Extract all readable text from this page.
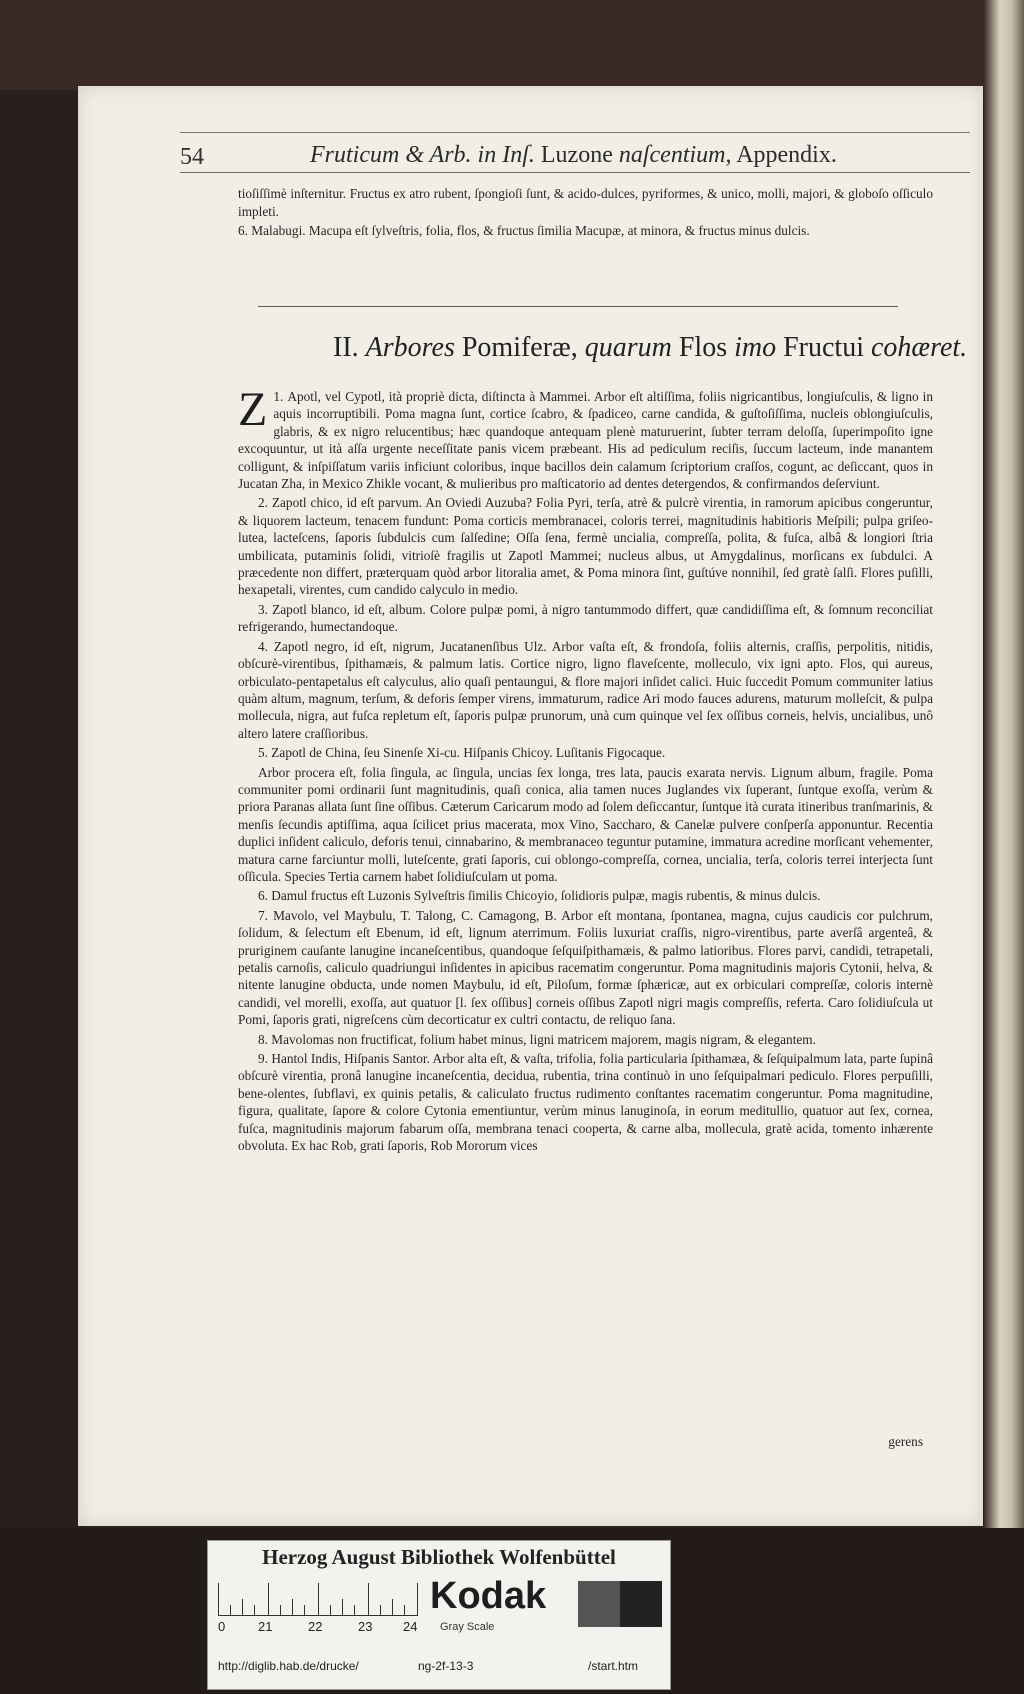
54	Fruticum & Arb. in Inſ. Luzone naſcentium, Appendix.

tioſiſſimè inſternitur. Fructus ex atro rubent, ſpongioſi ſunt, & acido-dulces, pyriformes, & unico, molli, majori, & globoſo oſſiculo impleti.

6. Malabugi. Macupa eſt ſylveſtris, folia, flos, & fructus ſimilia Macupæ, at minora, & fructus minus dulcis.

II. Arbores Pomiferæ, quarum Flos imo Fructui cohæret.

1.
Z Apotl, vel Cypotl, ità propriè dicta, diſtincta à Mammei. Arbor eſt altiſſima, foliis nigricantibus, longiuſculis, & ligno in aquis incorruptibili. Poma magna ſunt, cortice ſcabro, & ſpadiceo, carne candida, & guſtoſiſſima, nucleis oblongiuſculis, glabris, & ex nigro relucentibus; hæc quandoque antequam plenè maturuerint, ſubter terram deloſſa, ſuperimpoſito igne excoquuntur, ut ità aſſa urgente neceſſitate panis vicem præbeant. His ad pediculum reciſis, ſuccum lacteum, inde manantem colligunt, & inſpiſſatum variis inficiunt coloribus, inque bacillos dein calamum ſcriptorium craſſos, cogunt, ac deſiccant, quos in Jucatan Zha, in Mexico Zhikle vocant, & mulieribus pro maſticatorio ad dentes detergendos, & confirmandos deſerviunt.

2. Zapotl chico, id eſt parvum. An Oviedi Auzuba? Folia Pyri, terſa, atrè & pulcrè virentia, in ramorum apicibus congeruntur, & liquorem lacteum, tenacem fundunt: Poma corticis membranacei, coloris terrei, magnitudinis habitioris Meſpili; pulpa griſeo-lutea, lacteſcens, ſaporis ſubdulcis cum ſalſedine; Oſſa ſena, fermè uncialia, compreſſa, polita, & fuſca, albâ & longiori ſtria umbilicata, putaminis ſolidi, vitrioſè fragilis ut Zapotl Mammei; nucleus albus, ut Amygdalinus, morſicans ex ſubdulci. A præcedente non differt, præterquam quòd arbor litoralia amet, & Poma minora ſint, guſtúve nonnihil, ſed gratè ſalſi. Flores puſilli, hexapetali, virentes, cum candido calyculo in medio.

3. Zapotl blanco, id eſt, album. Colore pulpæ pomi, à nigro tantummodo differt, quæ candidiſſima eſt, & ſomnum reconciliat refrigerando, humectandoque.

4. Zapotl negro, id eſt, nigrum, Jucatanenſibus Ulz. Arbor vaſta eſt, & frondoſa, foliis alternis, craſſis, perpolitis, nitidis, obſcurè-virentibus, ſpithamæis, & palmum latis. Cortice nigro, ligno flaveſcente, molleculo, vix igni apto. Flos, qui aureus, orbiculato-pentapetalus eſt calyculus, alio quaſi pentaungui, & flore majori inſidet calici. Huic ſuccedit Pomum communiter latius quàm altum, magnum, terſum, & deforis ſemper virens, immaturum, radice Ari modo fauces adurens, maturum molleſcit, & pulpa mollecula, nigra, aut fuſca repletum eſt, ſaporis pulpæ prunorum, unà cum quinque vel ſex oſſibus corneis, helvis, uncialibus, unô altero latere craſſioribus.

5. Zapotl de China, ſeu Sinenſe Xi-cu. Hiſpanis Chicoy. Luſitanis Figocaque.

Arbor procera eſt, folia ſingula, ac ſingula, uncias ſex longa, tres lata, paucis exarata nervis. Lignum album, fragile. Poma communiter pomi ordinarii ſunt magnitudinis, quaſi conica, alia tamen nuces Juglandes vix ſuperant, ſuntque exoſſa, verùm & priora Paranas allata ſunt ſine oſſibus. Cæterum Caricarum modo ad ſolem deſiccantur, ſuntque ità curata itineribus tranſmarinis, & menſis ſecundis aptiſſima, aqua ſcilicet prius macerata, mox Vino, Saccharo, & Canelæ pulvere conſperſa apponuntur. Recentia duplici inſident caliculo, deforis tenui, cinnabarino, & membranaceo teguntur putamine, immatura acredine morſicant vehementer, matura carne farciuntur molli, luteſcente, grati ſaporis, cui oblongo-compreſſa, cornea, uncialia, terſa, coloris terrei interjecta ſunt oſſicula. Species Tertia carnem habet ſolidiuſculam ut poma.

6. Damul fructus eſt Luzonis Sylveſtris ſimilis Chicoyio, ſolidioris pulpæ, magis rubentis, & minus dulcis.

7. Mavolo, vel Maybulu, T. Talong, C. Camagong, B. Arbor eſt montana, ſpontanea, magna, cujus caudicis cor pulchrum, ſolidum, & ſelectum eſt Ebenum, id eſt, lignum aterrimum. Foliis luxuriat craſſis, nigro-virentibus, parte averſâ argenteâ, & pruriginem cauſante lanugine incaneſcentibus, quandoque ſeſquiſpithamæis, & palmo latioribus. Flores parvi, candidi, tetrapetali, petalis carnoſis, caliculo quadriungui inſidentes in apicibus racematim congeruntur. Poma magnitudinis majoris Cytonii, helva, & nitente lanugine obducta, unde nomen Maybulu, id eſt, Piloſum, formæ ſphæricæ, aut ex orbiculari compreſſæ, coloris internè candidi, vel morelli, exoſſa, aut quatuor [l. ſex oſſibus] corneis oſſibus Zapotl nigri magis compreſſis, referta. Caro ſolidiuſcula ut Pomi, ſaporis grati, nigreſcens cùm decorticatur ex cultri contactu, de reliquo ſana.

8. Mavolomas non fructificat, folium habet minus, ligni matricem majorem, magis nigram, & elegantem.

9. Hantol Indis, Hiſpanis Santor. Arbor alta eſt, & vaſta, trifolia, folia particularia ſpithamæa, & ſeſquipalmum lata, parte ſupinâ obſcurè virentia, pronâ lanugine incaneſcentia, decidua, rubentia, trina continuò in uno ſeſquipalmari pediculo. Flores perpuſilli, bene-olentes, ſubflavi, ex quinis petalis, & caliculato fructus rudimento conſtantes racematim congeruntur. Poma magnitudine, figura, qualitate, ſapore & colore Cytonia ementiuntur, verùm minus lanuginoſa, in eorum meditullio, quatuor aut ſex, cornea, fuſca, magnitudinis majorum fabarum oſſa, membrana tenaci cooperta, & carne alba, mollecula, gratè acida, tomento inhærente obvoluta. Ex hac Rob, grati ſaporis, Rob Mororum vices

gerens
Herzog August Bibliothek Wolfenbüttel
0	21	22	23 24
Kodak
Gray Scale
http://diglib.hab.de/drucke/	ng-2f-13-3	/start.htm
